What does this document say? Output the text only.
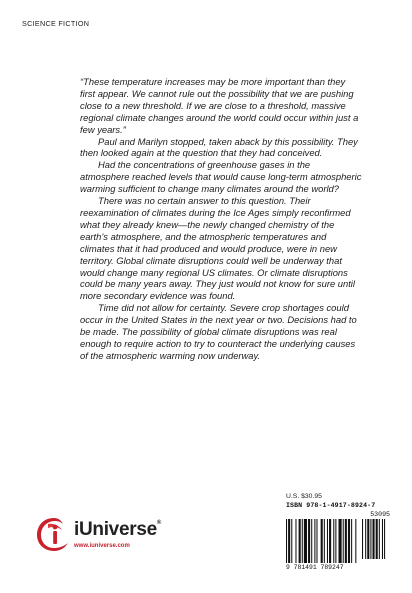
SCIENCE FICTION

“These temperature increases may be more important than they first appear. We cannot rule out the possibility that we are pushing close to a new threshold. If we are close to a threshold, massive regional climate changes around the world could occur within just a few years.”

Paul and Marilyn stopped, taken aback by this possibility. They then looked again at the question that they had conceived.

Had the concentrations of greenhouse gases in the atmosphere reached levels that would cause long-term atmospheric warming sufficient to change many climates around the world?

There was no certain answer to this question. Their reexamination of climates during the Ice Ages simply reconfirmed what they already knew—the newly changed chemistry of the earth’s atmosphere, and the atmospheric temperatures and climates that it had produced and would produce, were in new territory. Global climate disruptions could well be underway that would change many regional US climates. Or climate disruptions could be many years away. They just would not know for sure until more secondary evidence was found.

Time did not allow for certainty. Severe crop shortages could occur in the United States in the next year or two. Decisions had to be made. The possibility of global climate disruptions was real enough to require action to try to counteract the underlying causes of the atmospheric warming now underway.

U.S. $30.95
ISBN 978-1-4917-8924-7
53095
9 781491 789247
iUniverse®
www.iuniverse.com
